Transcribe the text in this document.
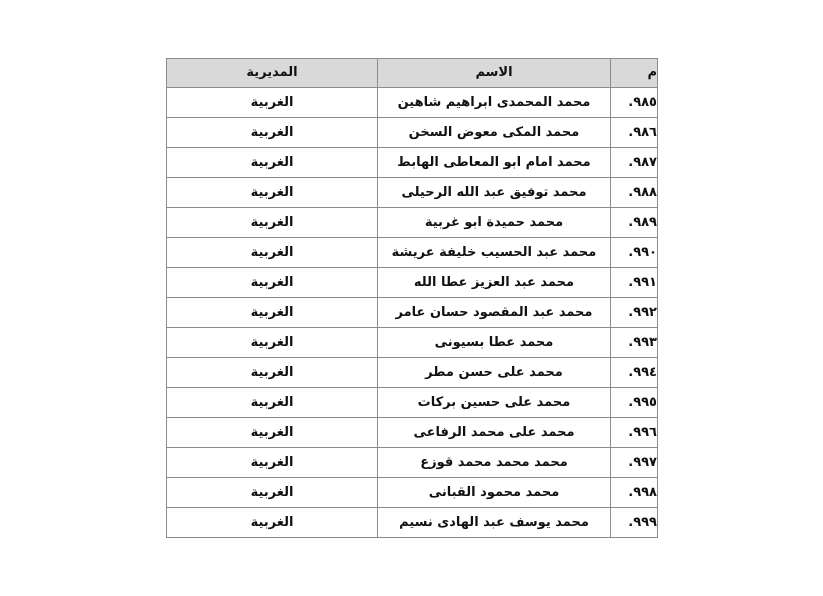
م	الاسم	المديرية
٩٨٥.	محمد المحمدى ابراهيم شاهين	الغربية
٩٨٦.	محمد المكى معوض السخن	الغربية
٩٨٧.	محمد امام ابو المعاطى الهابط	الغربية
٩٨٨.	محمد توفيق عبد الله الرحيلى	الغربية
٩٨٩.	محمد حميدة ابو غربية	الغربية
٩٩٠.	محمد عبد الحسيب خليفة عريشة	الغربية
٩٩١.	محمد عبد العزيز عطا الله	الغربية
٩٩٢.	محمد عبد المقصود حسان عامر	الغربية
٩٩٣.	محمد عطا بسيونى	الغربية
٩٩٤.	محمد على حسن مطر	الغربية
٩٩٥.	محمد على حسين بركات	الغربية
٩٩٦.	محمد على محمد الرفاعى	الغربية
٩٩٧.	محمد محمد محمد قوزع	الغربية
٩٩٨.	محمد محمود القبانى	الغربية
٩٩٩.	محمد يوسف عبد الهادى نسيم	الغربية
